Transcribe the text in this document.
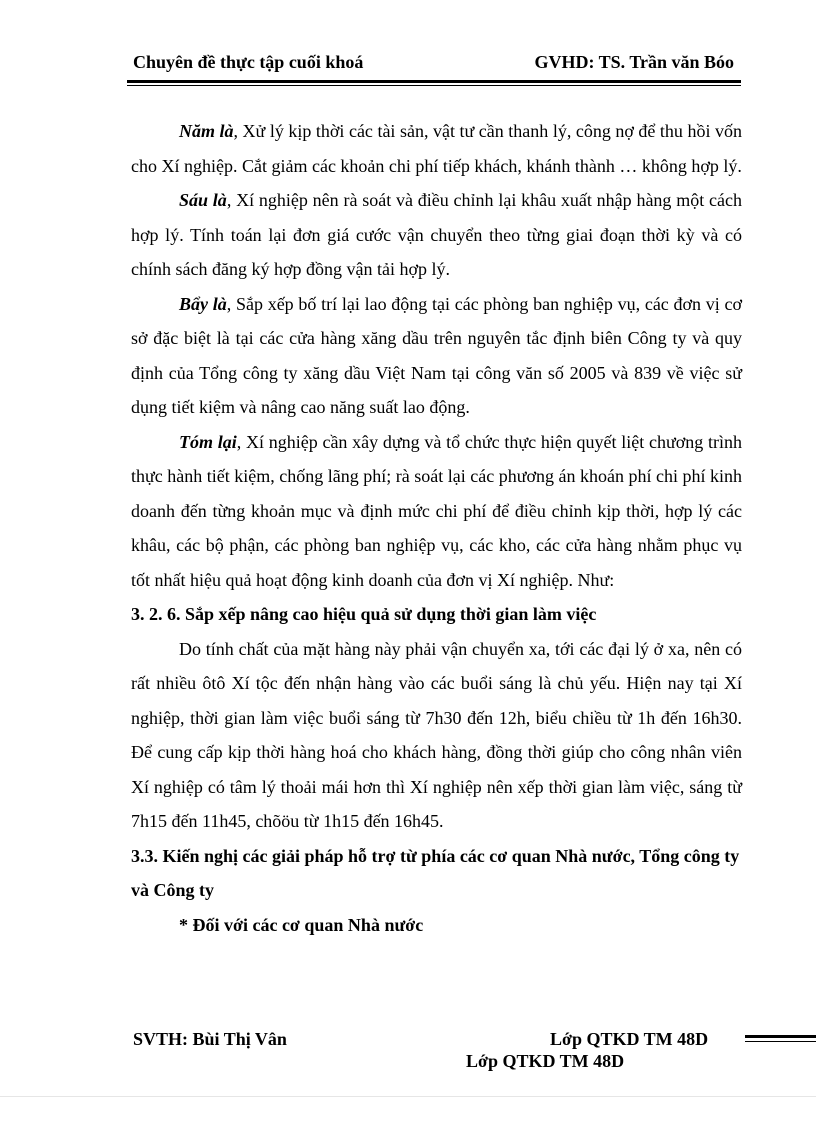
Chuyên đề thực tập cuối khoá	GVHD: TS. Trần văn Bóo

Năm là, Xử lý kịp thời các tài sản, vật tư cần thanh lý, công nợ để thu hồi vốn cho Xí nghiệp. Cắt giảm các khoản chi phí tiếp khách, khánh thành … không hợp lý.

Sáu là, Xí nghiệp nên rà soát và điều chỉnh lại khâu xuất nhập hàng một cách hợp lý. Tính toán lại đơn giá cước vận chuyển theo từng giai đoạn thời kỳ và có chính sách đăng ký hợp đồng vận tải hợp lý.

Bẩy là, Sắp xếp bố trí lại lao động tại các phòng ban nghiệp vụ, các đơn vị cơ sở đặc biệt là tại các cửa hàng xăng dầu trên nguyên tắc định biên Công ty và quy định của Tổng công ty xăng dầu Việt Nam tại công văn số 2005 và 839 về việc sử dụng tiết kiệm và nâng cao năng suất lao động.

Tóm lại, Xí nghiệp cần xây dựng và tổ chức thực hiện quyết liệt chương trình thực hành tiết kiệm, chống lãng phí; rà soát lại các phương án khoán phí chi phí kinh doanh đến từng khoản mục và định mức chi phí để điều chỉnh kịp thời, hợp lý các khâu, các bộ phận, các phòng ban nghiệp vụ, các kho, các cửa hàng nhằm phục vụ tốt nhất hiệu quả hoạt động kinh doanh của đơn vị Xí nghiệp. Như:

3. 2. 6. Sắp xếp nâng cao hiệu quả sử dụng thời gian làm việc

Do tính chất của mặt hàng này phải vận chuyển xa, tới các đại lý ở xa, nên có rất nhiều ôtô Xí tộc đến nhận hàng vào các buổi sáng là chủ yếu. Hiện nay tại Xí nghiệp, thời gian làm việc buổi sáng từ 7h30 đến 12h, biểu chiều từ 1h đến 16h30. Để cung cấp kịp thời hàng hoá cho khách hàng, đồng thời giúp cho công nhân viên Xí nghiệp có tâm lý thoải mái hơn thì Xí nghiệp nên xếp thời gian làm việc, sáng từ 7h15 đến 11h45, chõöu từ 1h15 đến 16h45.

3.3. Kiến nghị các giải pháp hỗ trợ từ phía các cơ quan Nhà nước, Tổng công ty và Công ty

* Đối với các cơ quan Nhà nước

SVTH: Bùi Thị Vân	Lớp QTKD TM 48D
Lớp QTKD TM 48D
